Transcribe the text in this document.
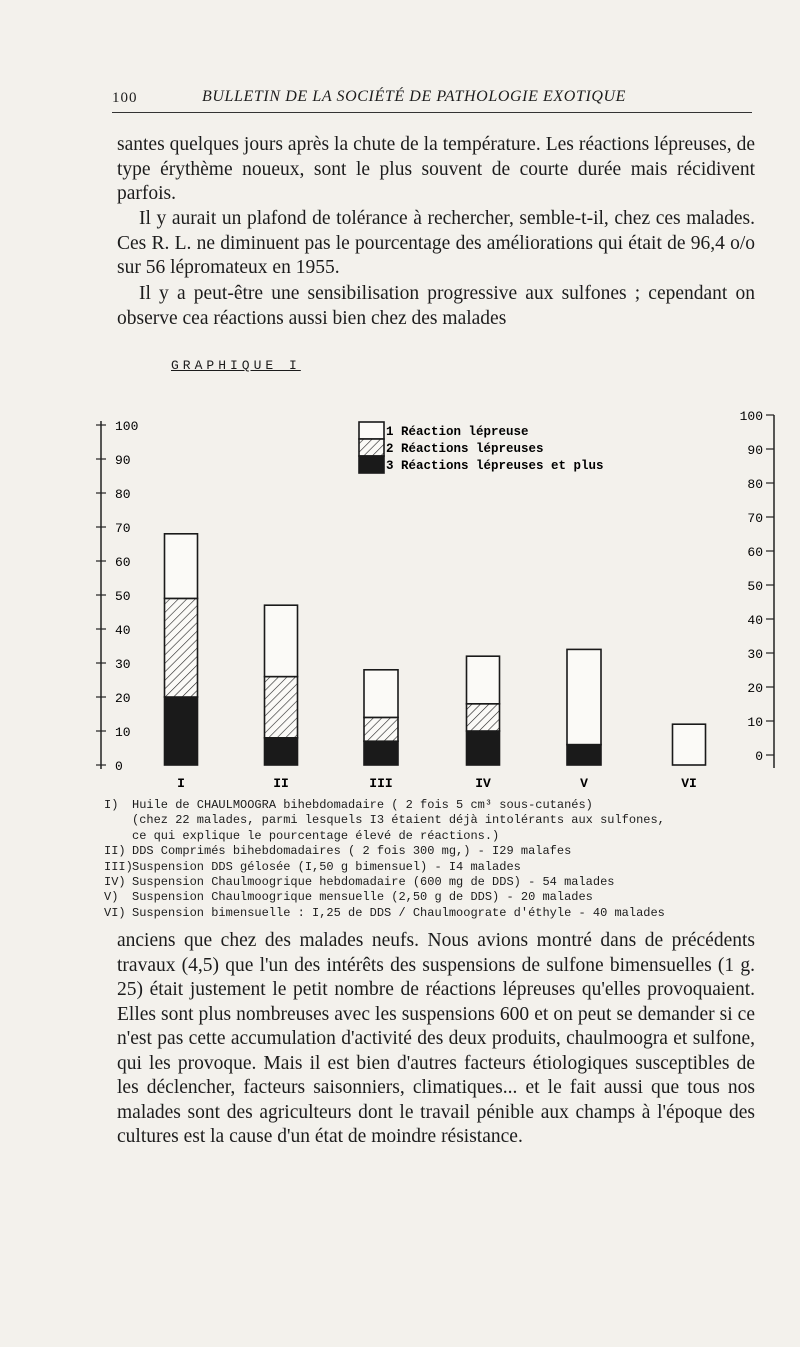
100	BULLETIN DE LA SOCIÉTÉ DE PATHOLOGIE EXOTIQUE

santes quelques jours après la chute de la température. Les réactions lépreuses, de type érythème noueux, sont le plus souvent de courte durée mais récidivent parfois.

Il y aurait un plafond de tolérance à rechercher, semble-t-il, chez ces malades. Ces R. L. ne diminuent pas le pourcentage des améliorations qui était de 96,4 o/o sur 56 lépromateux en 1955.

Il y a peut-être une sensibilisation progressive aux sulfones ; cependant on observe cea réactions aussi bien chez des malades

GRAPHIQUE I
100
90
80
70
60
50
40
30
20
10
0
100
90
80
70
60
50
40
30
20
10
0
I	II	III	IV	V	VI
1 Réaction lépreuse
2 Réactions lépreuses
3 Réactions lépreuses et plus
I) Huile de CHAULMOOGRA bihebdomadaire ( 2 fois 5 cm³ sous-cutanés)
(chez 22 malades, parmi lesquels I3 étaient déjà intolérants aux sulfones,
ce qui explique le pourcentage élevé de réactions.)
II) DDS Comprimés bihebdomadaires ( 2 fois 300 mg,) - I29 malafes
III)Suspension DDS gélosée (I,50 g bimensuel) - I4 malades
IV) Suspension Chaulmoogrique hebdomadaire (600 mg de DDS) - 54 malades
V) Suspension Chaulmoogrique mensuelle (2,50 g de DDS) - 20 malades
VI) Suspension bimensuelle : I,25 de DDS / Chaulmoograte d'éthyle - 40 malades

anciens que chez des malades neufs. Nous avions montré dans de précédents travaux (4,5) que l'un des intérêts des suspensions de sulfone bimensuelles (1 g. 25) était justement le petit nombre de réactions lépreuses qu'elles provoquaient. Elles sont plus nombreuses avec les suspensions 600 et on peut se demander si ce n'est pas cette accumulation d'activité des deux produits, chaulmoogra et sulfone, qui les provoque. Mais il est bien d'autres facteurs étiologiques susceptibles de les déclencher, facteurs saisonniers, climatiques... et le fait aussi que tous nos malades sont des agriculteurs dont le travail pénible aux champs à l'époque des cultures est la cause d'un état de moindre résistance.
